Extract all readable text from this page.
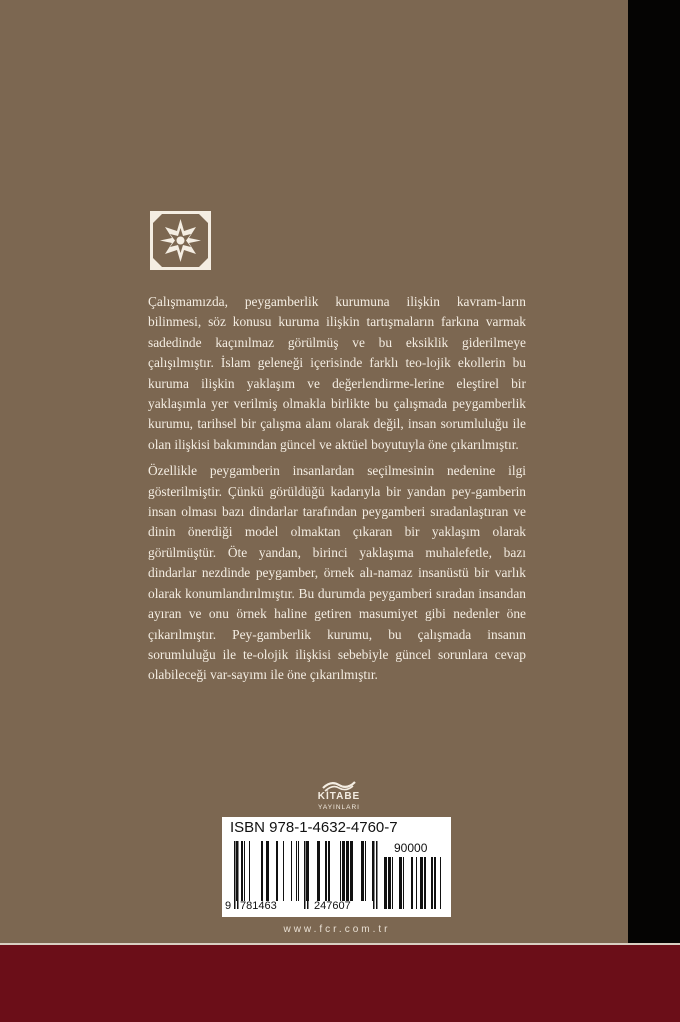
Çalışmamızda, peygamberlik kurumuna ilişkin kavram-ların bilinmesi, söz konusu kuruma ilişkin tartışmaların farkına varmak sadedinde kaçınılmaz görülmüş ve bu eksiklik giderilmeye çalışılmıştır. İslam geleneği içerisinde farklı teo-lojik ekollerin bu kuruma ilişkin yaklaşım ve değerlendirme-lerine eleştirel bir yaklaşımla yer verilmiş olmakla birlikte bu çalışmada peygamberlik kurumu, tarihsel bir çalışma alanı olarak değil, insan sorumluluğu ile olan ilişkisi bakımından güncel ve aktüel boyutuyla öne çıkarılmıştır.

Özellikle peygamberin insanlardan seçilmesinin nedenine ilgi gösterilmiştir. Çünkü görüldüğü kadarıyla bir yandan pey-gamberin insan olması bazı dindarlar tarafından peygamberi sıradanlaştıran ve dinin önerdiği model olmaktan çıkaran bir yaklaşım olarak görülmüştür. Öte yandan, birinci yaklaşıma muhalefetle, bazı dindarlar nezdinde peygamber, örnek alı-namaz insanüstü bir varlık olarak konumlandırılmıştır. Bu durumda peygamberi sıradan insandan ayıran ve onu örnek haline getiren masumiyet gibi nedenler öne çıkarılmıştır. Pey-gamberlik kurumu, bu çalışmada insanın sorumluluğu ile te-olojik ilişkisi sebebiyle güncel sorunlara cevap olabileceği var-sayımı ile öne çıkarılmıştır.

KİTABE
YAYINLARI
ISBN 978-1-4632-4760-7
90000
9 781463	247607
www.fcr.com.tr
